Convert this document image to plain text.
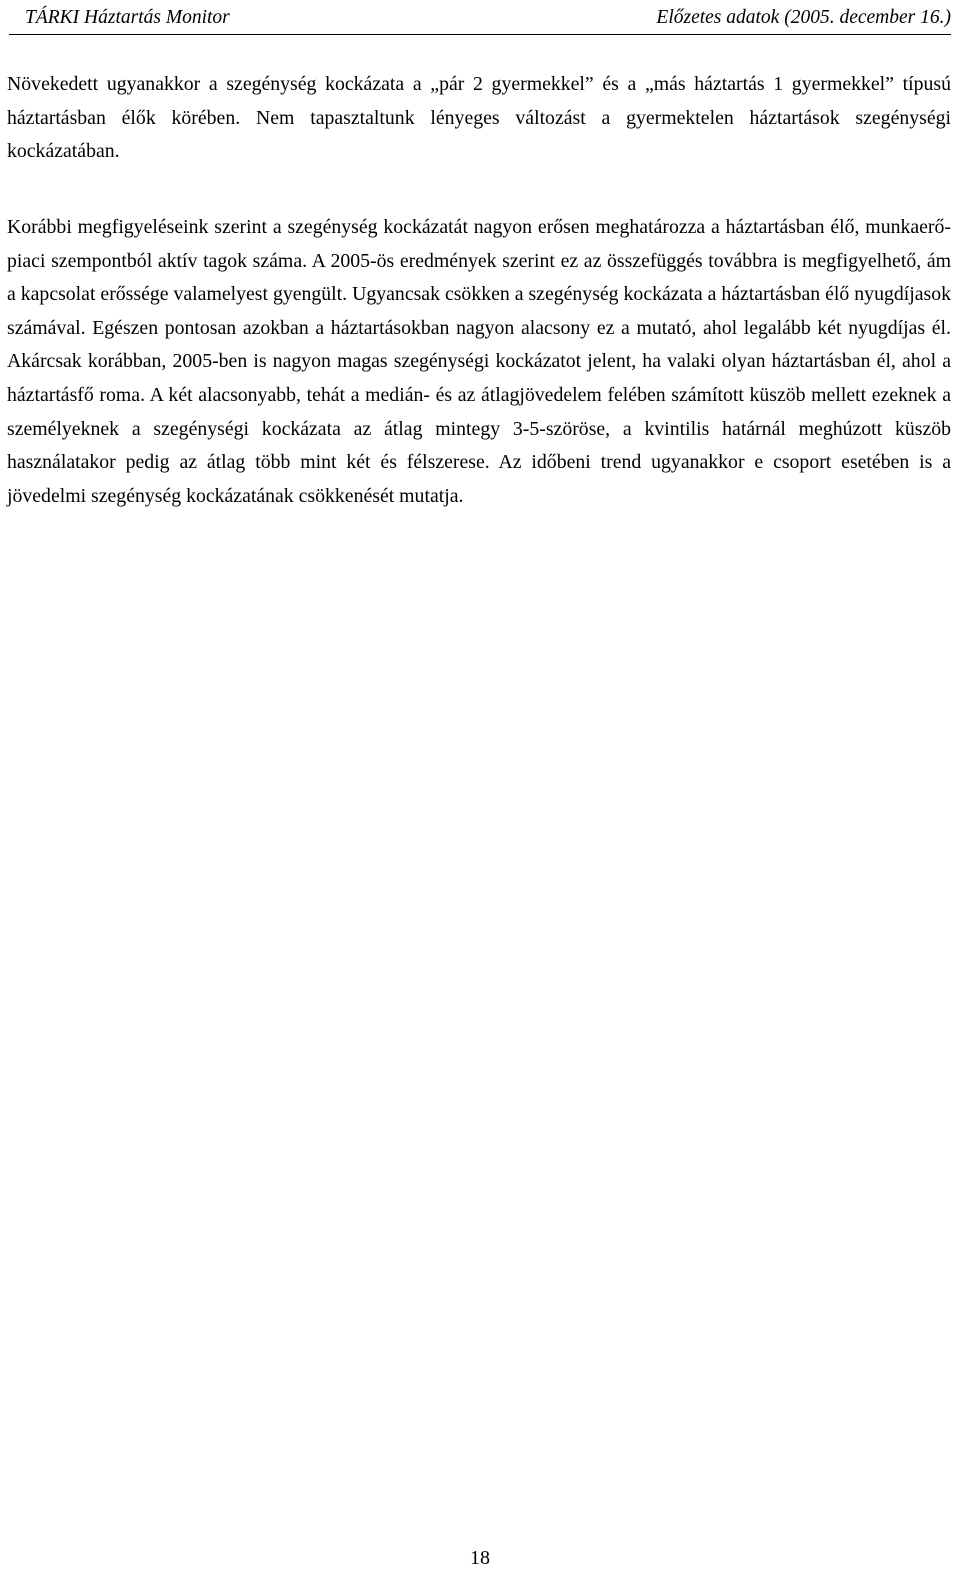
TÁRKI Háztartás Monitor	Előzetes adatok (2005. december 16.)

Növekedett ugyanakkor a szegénység kockázata a „pár 2 gyermekkel” és a „más háztartás 1 gyermekkel” típusú háztartásban élők körében. Nem tapasztaltunk lényeges változást a gyermektelen háztartások szegénységi kockázatában.

Korábbi megfigyeléseink szerint a szegénység kockázatát nagyon erősen meghatározza a háztartásban élő, munkaerő-piaci szempontból aktív tagok száma. A 2005-ös eredmények szerint ez az összefüggés továbbra is megfigyelhető, ám a kapcsolat erőssége valamelyest gyengült. Ugyancsak csökken a szegénység kockázata a háztartásban élő nyugdíjasok számával. Egészen pontosan azokban a háztartásokban nagyon alacsony ez a mutató, ahol legalább két nyugdíjas él. Akárcsak korábban, 2005-ben is nagyon magas szegénységi kockázatot jelent, ha valaki olyan háztartásban él, ahol a háztartásfő roma. A két alacsonyabb, tehát a medián- és az átlagjövedelem felében számított küszöb mellett ezeknek a személyeknek a szegénységi kockázata az átlag mintegy 3-5-szöröse, a kvintilis határnál meghúzott küszöb használatakor pedig az átlag több mint két és félszerese. Az időbeni trend ugyanakkor e csoport esetében is a jövedelmi szegénység kockázatának csökkenését mutatja.

18
